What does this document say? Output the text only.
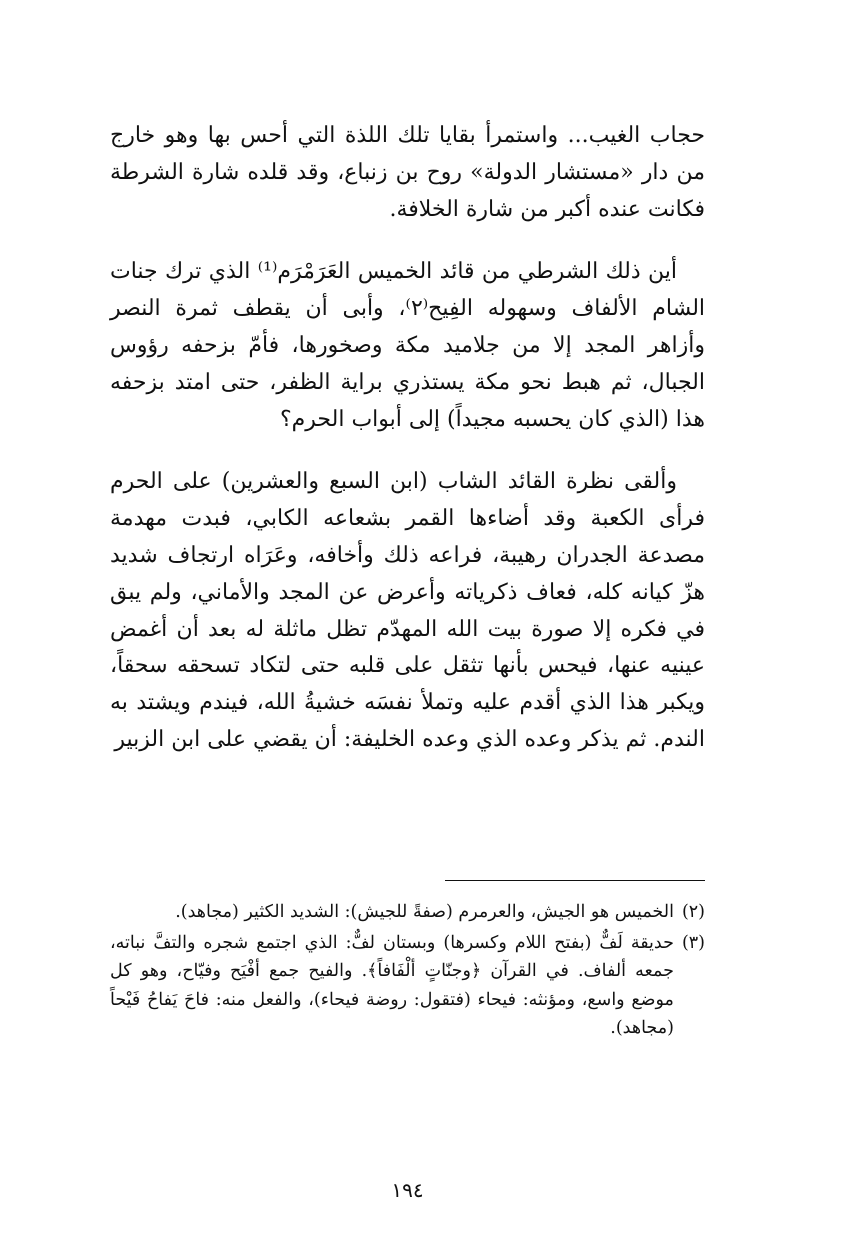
حجاب الغيب... واستمرأ بقايا تلك اللذة التي أحس بها وهو خارج من دار «مستشار الدولة» روح بن زنباع، وقد قلده شارة الشرطة فكانت عنده أكبر من شارة الخلافة.

أين ذلك الشرطي من قائد الخميس العَرَمْرَم⁽¹⁾ الذي ترك جنات الشام الألفاف وسهوله الفِيح⁽٢⁾، وأبى أن يقطف ثمرة النصر وأزاهر المجد إلا من جلاميد مكة وصخورها، فأمّ بزحفه رؤوس الجبال، ثم هبط نحو مكة يستذري براية الظفر، حتى امتد بزحفه هذا (الذي كان يحسبه مجيداً) إلى أبواب الحرم؟

وألقى نظرة القائد الشاب (ابن السبع والعشرين) على الحرم فرأى الكعبة وقد أضاءها القمر بشعاعه الكابي، فبدت مهدمة مصدعة الجدران رهيبة، فراعه ذلك وأخافه، وعَرَاه ارتجاف شديد هزّ كيانه كله، فعاف ذكرياته وأعرض عن المجد والأماني، ولم يبق في فكره إلا صورة بيت الله المهدّم تظل ماثلة له بعد أن أغمض عينيه عنها، فيحس بأنها تثقل على قلبه حتى لتكاد تسحقه سحقاً، ويكبر هذا الذي أقدم عليه وتملأ نفسَه خشيةُ الله، فيندم ويشتد به الندم. ثم يذكر وعده الذي وعده الخليفة: أن يقضي على ابن الزبير

(٢)
الخميس هو الجيش، والعرمرم (صفةً للجيش): الشديد الكثير (مجاهد).
(٣)
حديقة لَفٌّ (بفتح اللام وكسرها) وبستان لفٌّ: الذي اجتمع شجره والتفَّ نباته، جمعه ألفاف. في القرآن ﴿وجنّاتٍ ألْفَافاً﴾. والفيح جمع أفْيَح وفيّاح، وهو كل موضع واسع، ومؤنثه: فيحاء (فتقول: روضة فيحاء)، والفعل منه: فاحَ يَفاحُ فَيْحاً (مجاهد).
١٩٤
